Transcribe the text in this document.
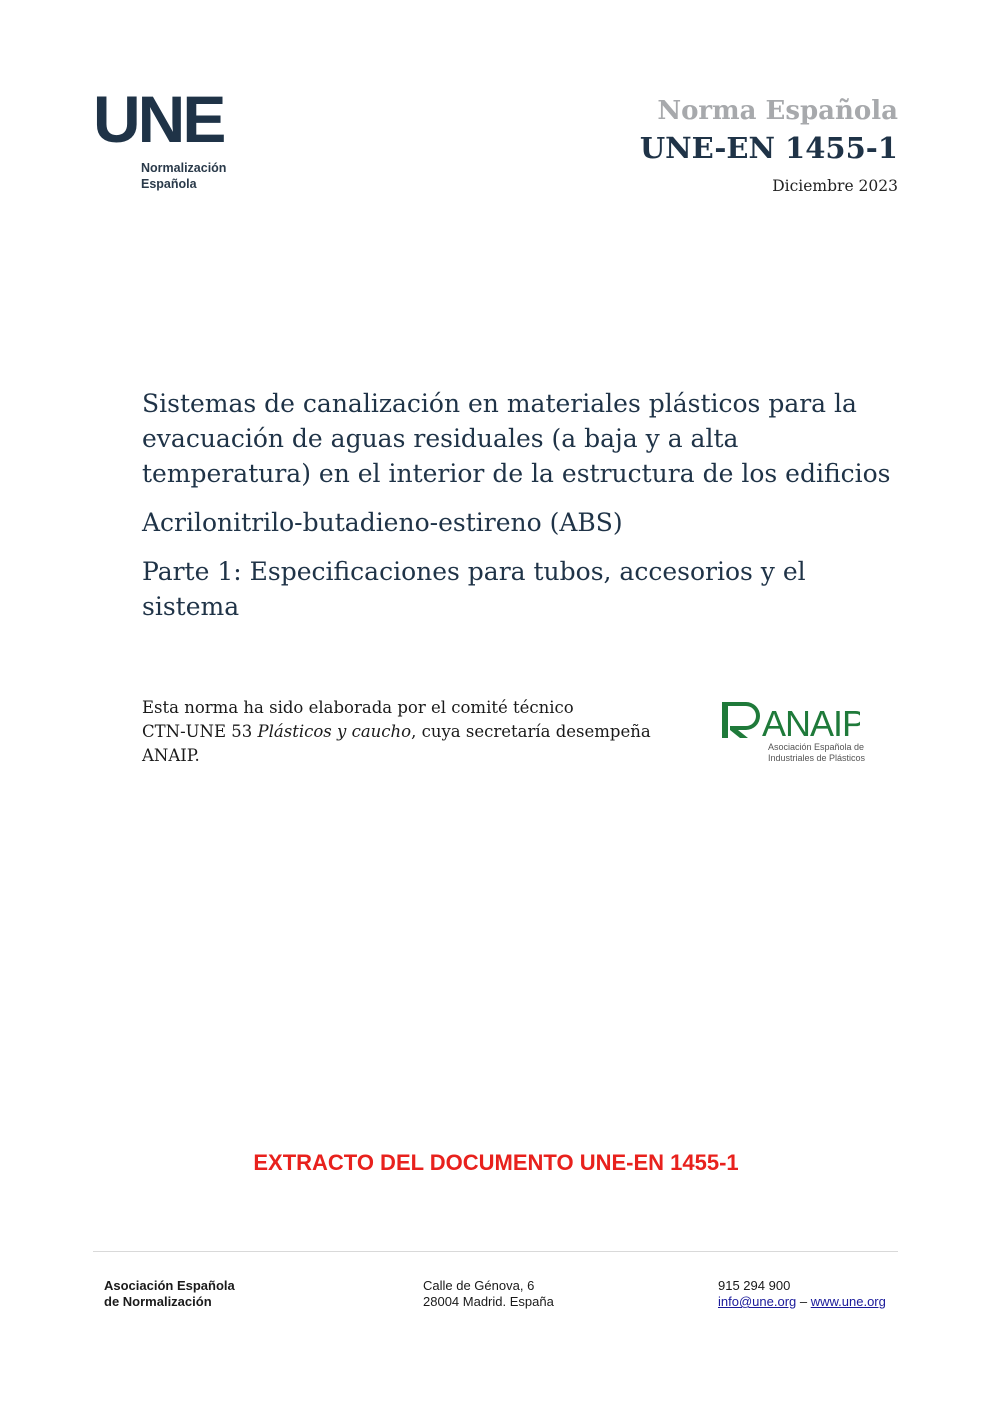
UNE
Normalización
Española
Norma Española
UNE-EN 1455-1
Diciembre 2023

Sistemas de canalización en materiales plásticos para la

evacuación de aguas residuales (a baja y a alta

temperatura) en el interior de la estructura de los edificios

Acrilonitrilo-butadieno-estireno (ABS)

Parte 1: Especificaciones para tubos, accesorios y el

sistema

Esta norma ha sido elaborada por el comité técnico
CTN-UNE 53 Plásticos y caucho, cuya secretaría desempeña
ANAIP.
ANAIP
Asociación Española de
Industriales de Plásticos
EXTRACTO DEL DOCUMENTO UNE-EN 1455-1
Asociación Española
de Normalización
Calle de Génova, 6
28004 Madrid. España
915 294 900
info@une.org – www.une.org
